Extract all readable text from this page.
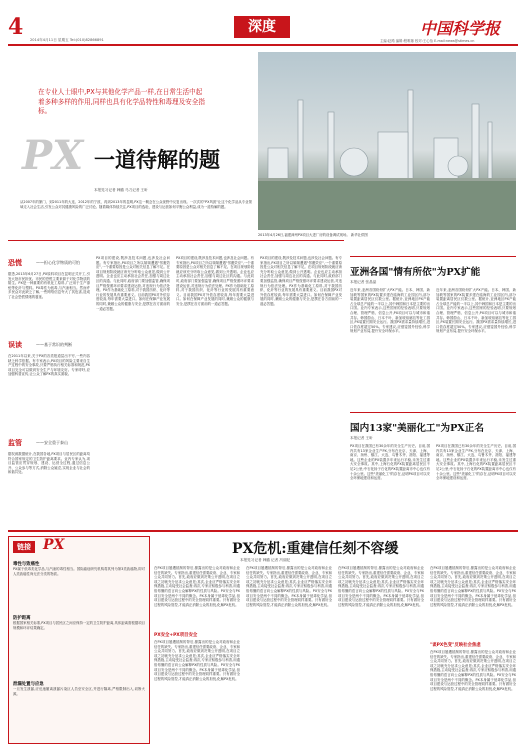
4 2014年4月11日 星期五 Tel:(010)82866891
深度	中国科学报
主编:赵路 编辑:程唯珈 校对:王心怡 E-mail:news@stimes.cn
在专业人士眼中,PX与其他化学产品一样,在日常生活中起着多种多样的作用,同样也具有化学品特性和毒理及安全指标。
PX 一道待解的题
本报见习记者 韩璐 马刀记者 王昕
2013年4月26日,福建漳州PX项目大进厂房的设备调试现场。 新华社供图
从2007年的厦门、到2011年的大连、2012年的宁波、再到2013年的昆明,PX这一概念在公众视野中反复出现。一次次的"PX风波"让这个化学品从专业领域走入社会生活,引发公众对其健康风险的广泛讨论。随着媒体持续关注,PX项目的选址、建设与运营如何平衡公众利益,成为一道待解的题。
恐慌	——担心化学物质的可怕
据悉,2013年6月27日,PX原料项目在昆明正式开工,引发大批市民担忧。市民的恐慌主要来源于对化学物质的陌生。PX是一种重要的有机化工原料,广泛用于生产涤纶等化纤与塑料。PX毒性为低毒,与汽油相当。然而许多民众对此缺乏了解,一些网络信息夸大了其危害,造成了社会恐慌情绪的蔓延。
误读	——基于常识的判断
在2011年以来,关于PX的各类报道层出不穷,一些内容缺乏科学依据。有专家表示,PX项目的风险主要来自生产过程中的安全事故,只要严格执行相关标准和规范,PX项目完全可以做到安全生产与环境友好。专家呼吁,应加强科普宣传,让公众了解PX的真实面貌。
监管	——安全重于泰山
据权威数据统计,在我国各地,PX项目与居民区的距离均符合国家规定的卫生防护距离要求。业内专家认为,项目监管应贯穿规划、建设、运营全过程,通过信息公开、公众参与等方式,消除公众疑虑,实现企业与社会的和谐共处。
PX项目的建设,既涉及技术问题,也涉及社会问题。有专家指出,PX项目之所以频频遭遇"邻避效应",一个重要原因是公众对相关信息了解不足。在项目规划阶段就应该充分听取公众意见,做到公开透明。企业也应主动承担社会责任,加强与周边社区的沟通。与此同时,政府部门要加强监管,确保项目严格按照环评要求建设运营,对违规行为依法处理。PX作为基础化工原料,对于我国纺织、化纤等行业的发展具有重要意义。目前我国PX对外依存度较高,每年需要大量进口。如何在保障产业发展的同时,兼顾公众的健康与安全,是摆在各方面前的一道必答题。
PX项目的建设,既涉及技术问题,也涉及社会问题。有专家指出,PX项目之所以频频遭遇"邻避效应",一个重要原因是公众对相关信息了解不足。在项目规划阶段就应该充分听取公众意见,做到公开透明。企业也应主动承担社会责任,加强与周边社区的沟通。与此同时,政府部门要加强监管,确保项目严格按照环评要求建设运营,对违规行为依法处理。PX作为基础化工原料,对于我国纺织、化纤等行业的发展具有重要意义。目前我国PX对外依存度较高,每年需要大量进口。如何在保障产业发展的同时,兼顾公众的健康与安全,是摆在各方面前的一道必答题。
PX项目的建设,既涉及技术问题,也涉及社会问题。有专家指出,PX项目之所以频频遭遇"邻避效应",一个重要原因是公众对相关信息了解不足。在项目规划阶段就应该充分听取公众意见,做到公开透明。企业也应主动承担社会责任,加强与周边社区的沟通。与此同时,政府部门要加强监管,确保项目严格按照环评要求建设运营,对违规行为依法处理。PX作为基础化工原料,对于我国纺织、化纤等行业的发展具有重要意义。目前我国PX对外依存度较高,每年需要大量进口。如何在保障产业发展的同时,兼顾公众的健康与安全,是摆在各方面前的一道必答题。
亚洲各国"情有所依"为PX扩能
本报记者 张晶晶
近年来,亚洲各国纷纷扩大PX产能。日本、韩国、新加坡等国家的PX装置多建在临海的工业园区内,部分装置距离居民区仅数公里。据统计,亚洲地区PX产能占全球总产能的一半以上,其中韩国和日本是主要的出口国。业内专家表示,这些国家的经验表明,只要规划合理、管理严格、信息公开,PX项目可以与城市和谐共存。韩国蔚山、日本千叶、新加坡裕廊岛等化工园区,PX装置长期安全运行。我国PX需求量持续增长,进口依存度超过50%。专家建议,应借鉴国外经验,科学规划产业布局,提升安全环保水平。
近年来,亚洲各国纷纷扩大PX产能。日本、韩国、新加坡等国家的PX装置多建在临海的工业园区内,部分装置距离居民区仅数公里。据统计,亚洲地区PX产能占全球总产能的一半以上,其中韩国和日本是主要的出口国。业内专家表示,这些国家的经验表明,只要规划合理、管理严格、信息公开,PX项目可以与城市和谐共存。韩国蔚山、日本千叶、新加坡裕廊岛等化工园区,PX装置长期安全运行。我国PX需求量持续增长,进口依存度超过50%。专家建议,应借鉴国外经验,科学规划产业布局,提升安全环保水平。
国内13家"美丽化工"为PX正名
本报记者 王昕
PX项目在我国已有30余年的安全生产历史。目前,国内共有13家企业生产PX,分布在北京、天津、上海、南京、扬州、镇江、大连、乌鲁木齐、洛阳、福建等地。这些企业的PX装置多年来运行平稳,未发生过重大安全事故。其中,上海石化的PX装置距离居民区不足2公里;中石化扬子石化的PX装置距离市中心也仅有十余公里。这些"美丽化工"的存在,证明PX项目可以安全环保地建设和运营。
PX项目在我国已有30余年的安全生产历史。目前,国内共有13家企业生产PX,分布在北京、天津、上海、南京、扬州、镇江、大连、乌鲁木齐、洛阳、福建等地。这些企业的PX装置多年来运行平稳,未发生过重大安全事故。其中,上海石化的PX装置距离居民区不足2公里;中石化扬子石化的PX装置距离市中心也仅有十余公里。这些"美丽化工"的存在,证明PX项目可以安全环保地建设和运营。
链接 PX
毒性与致癌性
PX属于低毒类化学品,与汽油的毒性相当。国际癌症研究机构将其列为第3类致癌物,即对人类致癌性尚无法分类的物质。
防护距离
根据国家相关标准,PX项目与居民区之间应保持一定的卫生防护距离,具体距离需根据项目规模和环评结果确定。
泄漏处置与应急
一旦发生泄漏,应迅速撤离泄漏污染区人员至安全区,并进行隔离,严格限制出入,切断火源。
PX危机:重建信任刻不容缓
本报见习记者 韩璐 记者 冯丽妃
在PX项目屡遭抵制的背后,暴露出的是公众对政府和企业信任的缺失。专家指出,重建信任需要政府、企业、专家和公众共同努力。首先,政府应做到决策公开透明,在项目立项之初就充分征求公众意见;其次,企业应严格落实安全环保措施,主动接受社会监督;再次,专家应积极参与科普,用通俗易懂的语言向公众解释PX的性质与风险。PX安全与PX项目安全是两个不同的概念。PX本身属于低毒化学品,但项目建设与运营过程中的安全管理同样重要。只有做好全过程的风险管控,才能真正消除公众的担忧,化解PX危机。
PX安全+PX项目安全
在PX项目屡遭抵制的背后,暴露出的是公众对政府和企业信任的缺失。专家指出,重建信任需要政府、企业、专家和公众共同努力。首先,政府应做到决策公开透明,在项目立项之初就充分征求公众意见;其次,企业应严格落实安全环保措施,主动接受社会监督;再次,专家应积极参与科普,用通俗易懂的语言向公众解释PX的性质与风险。PX安全与PX项目安全是两个不同的概念。PX本身属于低毒化学品,但项目建设与运营过程中的安全管理同样重要。只有做好全过程的风险管控,才能真正消除公众的担忧,化解PX危机。
在PX项目屡遭抵制的背后,暴露出的是公众对政府和企业信任的缺失。专家指出,重建信任需要政府、企业、专家和公众共同努力。首先,政府应做到决策公开透明,在项目立项之初就充分征求公众意见;其次,企业应严格落实安全环保措施,主动接受社会监督;再次,专家应积极参与科普,用通俗易懂的语言向公众解释PX的性质与风险。PX安全与PX项目安全是两个不同的概念。PX本身属于低毒化学品,但项目建设与运营过程中的安全管理同样重要。只有做好全过程的风险管控,才能真正消除公众的担忧,化解PX危机。
在PX项目屡遭抵制的背后,暴露出的是公众对政府和企业信任的缺失。专家指出,重建信任需要政府、企业、专家和公众共同努力。首先,政府应做到决策公开透明,在项目立项之初就充分征求公众意见;其次,企业应严格落实安全环保措施,主动接受社会监督;再次,专家应积极参与科普,用通俗易懂的语言向公众解释PX的性质与风险。PX安全与PX项目安全是两个不同的概念。PX本身属于低毒化学品,但项目建设与运营过程中的安全管理同样重要。只有做好全过程的风险管控,才能真正消除公众的担忧,化解PX危机。
在PX项目屡遭抵制的背后,暴露出的是公众对政府和企业信任的缺失。专家指出,重建信任需要政府、企业、专家和公众共同努力。首先,政府应做到决策公开透明,在项目立项之初就充分征求公众意见;其次,企业应严格落实安全环保措施,主动接受社会监督;再次,专家应积极参与科普,用通俗易懂的语言向公众解释PX的性质与风险。PX安全与PX项目安全是两个不同的概念。PX本身属于低毒化学品,但项目建设与运营过程中的安全管理同样重要。只有做好全过程的风险管控,才能真正消除公众的担忧,化解PX危机。
"谈PX色变"反映社会焦虑
在PX项目屡遭抵制的背后,暴露出的是公众对政府和企业信任的缺失。专家指出,重建信任需要政府、企业、专家和公众共同努力。首先,政府应做到决策公开透明,在项目立项之初就充分征求公众意见;其次,企业应严格落实安全环保措施,主动接受社会监督;再次,专家应积极参与科普,用通俗易懂的语言向公众解释PX的性质与风险。PX安全与PX项目安全是两个不同的概念。PX本身属于低毒化学品,但项目建设与运营过程中的安全管理同样重要。只有做好全过程的风险管控,才能真正消除公众的担忧,化解PX危机。
